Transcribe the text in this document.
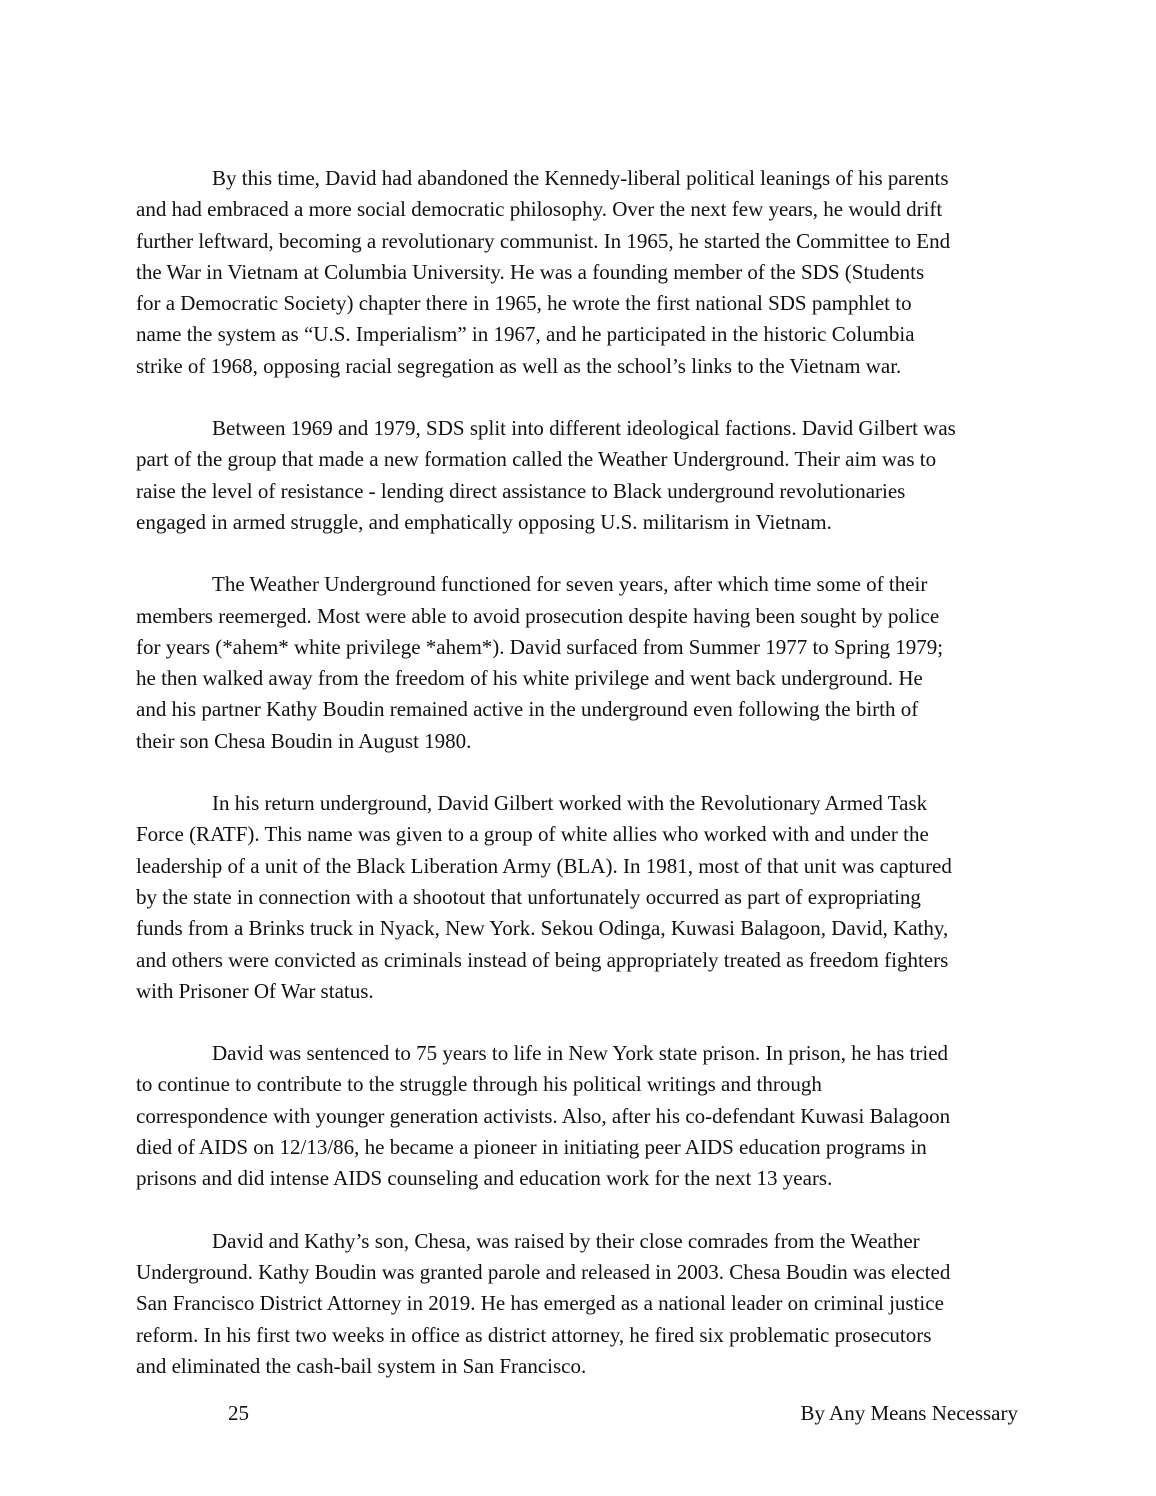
By this time, David had abandoned the Kennedy-liberal political leanings of his parents
and had embraced a more social democratic philosophy. Over the next few years, he would drift
further leftward, becoming a revolutionary communist. In 1965, he started the Committee to End
the War in Vietnam at Columbia University. He was a founding member of the SDS (Students
for a Democratic Society) chapter there in 1965, he wrote the first national SDS pamphlet to
name the system as “U.S. Imperialism” in 1967, and he participated in the historic Columbia
strike of 1968, opposing racial segregation as well as the school’s links to the Vietnam war.
Between 1969 and 1979, SDS split into different ideological factions. David Gilbert was
part of the group that made a new formation called the Weather Underground. Their aim was to
raise the level of resistance - lending direct assistance to Black underground revolutionaries
engaged in armed struggle, and emphatically opposing U.S. militarism in Vietnam.
The Weather Underground functioned for seven years, after which time some of their
members reemerged. Most were able to avoid prosecution despite having been sought by police
for years (*ahem* white privilege *ahem*). David surfaced from Summer 1977 to Spring 1979;
he then walked away from the freedom of his white privilege and went back underground. He
and his partner Kathy Boudin remained active in the underground even following the birth of
their son Chesa Boudin in August 1980.
In his return underground, David Gilbert worked with the Revolutionary Armed Task
Force (RATF). This name was given to a group of white allies who worked with and under the
leadership of a unit of the Black Liberation Army (BLA). In 1981, most of that unit was captured
by the state in connection with a shootout that unfortunately occurred as part of expropriating
funds from a Brinks truck in Nyack, New York. Sekou Odinga, Kuwasi Balagoon, David, Kathy,
and others were convicted as criminals instead of being appropriately treated as freedom fighters
with Prisoner Of War status.
David was sentenced to 75 years to life in New York state prison. In prison, he has tried
to continue to contribute to the struggle through his political writings and through
correspondence with younger generation activists. Also, after his co-defendant Kuwasi Balagoon
died of AIDS on 12/13/86, he became a pioneer in initiating peer AIDS education programs in
prisons and did intense AIDS counseling and education work for the next 13 years.
David and Kathy’s son, Chesa, was raised by their close comrades from the Weather
Underground. Kathy Boudin was granted parole and released in 2003. Chesa Boudin was elected
San Francisco District Attorney in 2019. He has emerged as a national leader on criminal justice
reform. In his first two weeks in office as district attorney, he fired six problematic prosecutors
and eliminated the cash-bail system in San Francisco.
25	By Any Means Necessary
